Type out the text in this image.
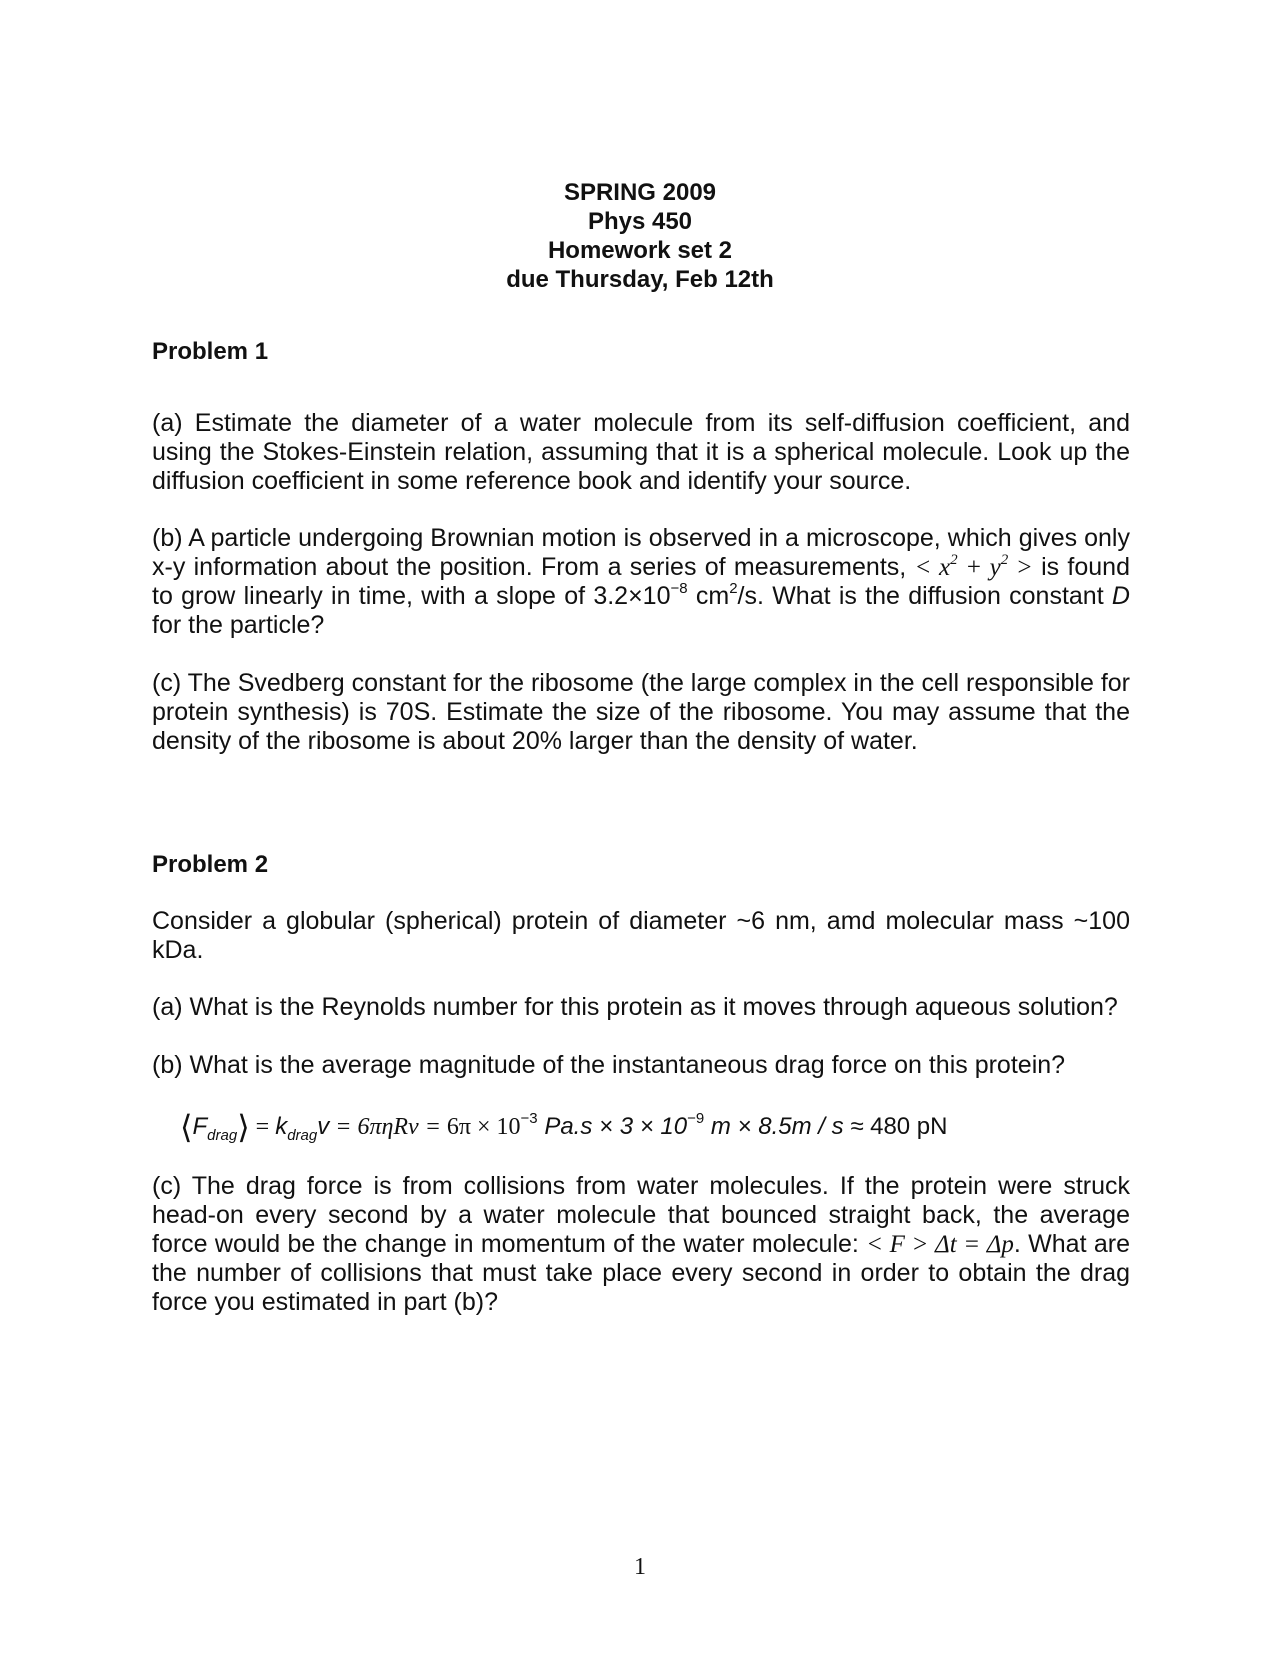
SPRING 2009
Phys 450
Homework set 2
due Thursday, Feb 12th
Problem 1
(a) Estimate the diameter of a water molecule from its self-diffusion coefficient, and using the Stokes-Einstein relation, assuming that it is a spherical molecule. Look up the diffusion coefficient in some reference book and identify your source.
(b) A particle undergoing Brownian motion is observed in a microscope, which gives only x-y information about the position. From a series of measurements, < $x^2 + y^2$ > is found to grow linearly in time, with a slope of $3.2\times 10^{-8}$ $cm^2/s$. What is the diffusion constant D for the particle?
(c) The Svedberg constant for the ribosome (the large complex in the cell responsible for protein synthesis) is 70S. Estimate the size of the ribosome. You may assume that the density of the ribosome is about 20% larger than the density of water.
Problem 2
Consider a globular (spherical) protein of diameter ~6 nm, amd molecular mass ~100 kDa.
(a) What is the Reynolds number for this protein as it moves through aqueous solution?
(b) What is the average magnitude of the instantaneous drag force on this protein?
$⟨F_{drag}⟩ = k_{drag}v = 6\pi\eta Rv = 6\pi \times 10^{-3}$ $Pa.s \times 3 \times 10^{-9}$ m × 8.5m / s ≈ 480 pN
(c) The drag force is from collisions from water molecules. If the protein were struck head-on every second by a water molecule that bounced straight back, the average force would be the change in momentum of the water molecule: < F > Δt = Δp. What are the number of collisions that must take place every second in order to obtain the drag force you estimated in part (b)?
1
